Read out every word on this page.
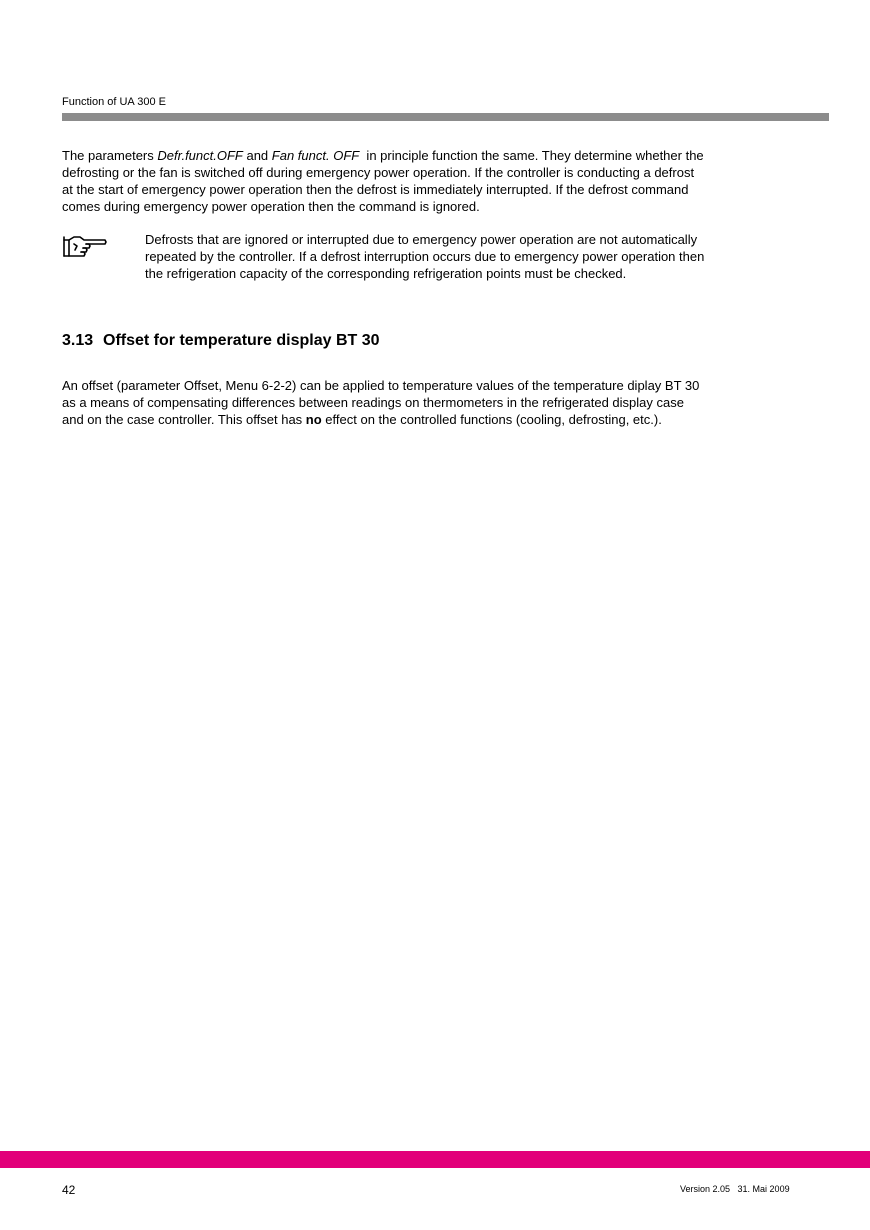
Function of UA 300 E

The parameters Defr.funct.OFF and Fan funct. OFF  in principle function the same. They determine whether the
defrosting or the fan is switched off during emergency power operation. If the controller is conducting a defrost
at the start of emergency power operation then the defrost is immediately interrupted. If the defrost command
comes during emergency power operation then the command is ignored.

Defrosts that are ignored or interrupted due to emergency power operation are not automatically
repeated by the controller. If a defrost interruption occurs due to emergency power operation then
the refrigeration capacity of the corresponding refrigeration points must be checked.

3.13 Offset for temperature display BT 30

An offset (parameter Offset, Menu 6-2-2) can be applied to temperature values of the temperature diplay BT 30
as a means of compensating differences between readings on thermometers in the refrigerated display case
and on the case controller. This offset has no effect on the controlled functions (cooling, defrosting, etc.).

42	Version 2.05   31. Mai 2009
